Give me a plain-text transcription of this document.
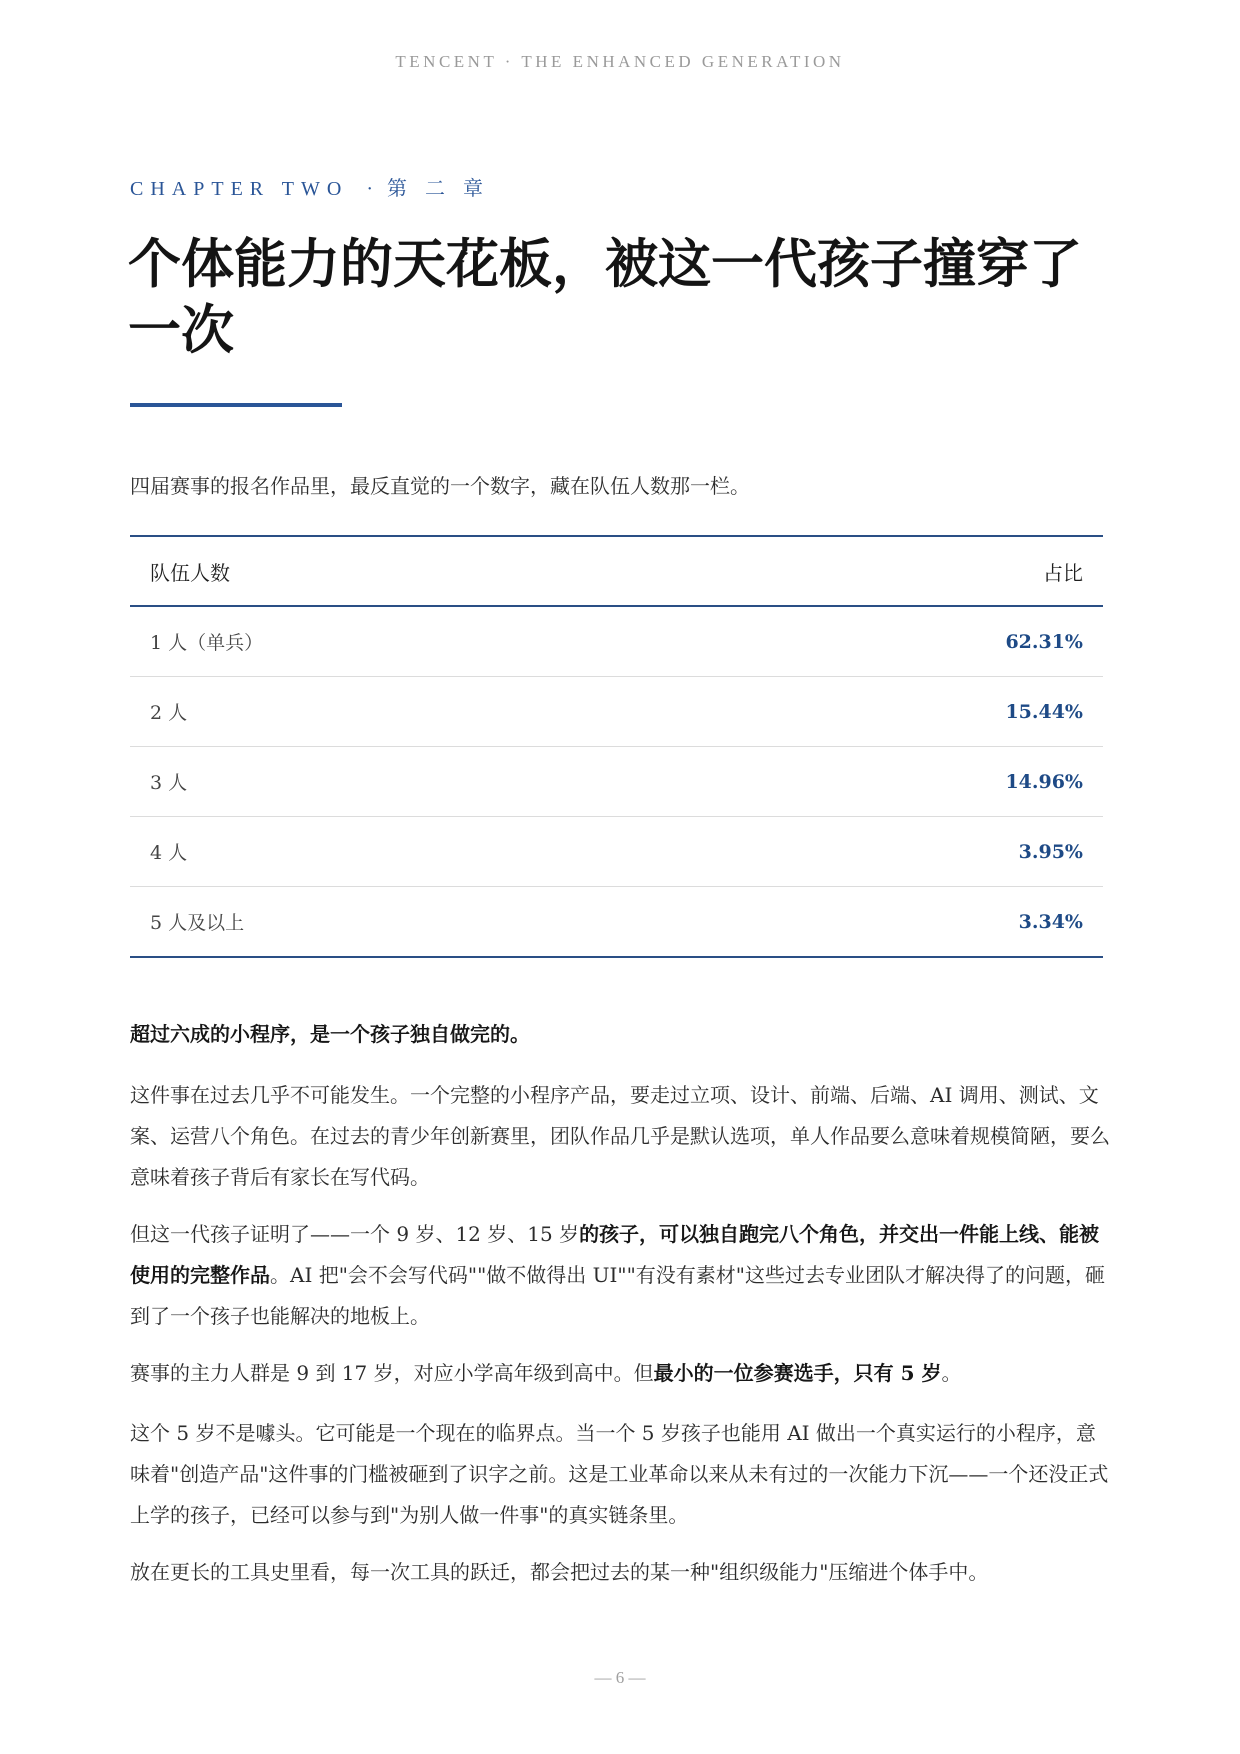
TENCENT · THE ENHANCED GENERATION
CHAPTER TWO · 第二章
个体能力的天花板，被这一代孩子撞穿了一次

四届赛事的报名作品里，最反直觉的一个数字，藏在队伍人数那一栏。

队伍人数	占比
1 人（单兵）	62.31%
2 人	15.44%
3 人	14.96%
4 人	3.95%
5 人及以上	3.34%

超过六成的小程序，是一个孩子独自做完的。

这件事在过去几乎不可能发生。一个完整的小程序产品，要走过立项、设计、前端、后端、AI 调用、测试、文案、运营八个角色。在过去的青少年创新赛里，团队作品几乎是默认选项，单人作品要么意味着规模简陋，要么意味着孩子背后有家长在写代码。

但这一代孩子证明了——一个 9 岁、12 岁、15 岁的孩子，可以独自跑完八个角色，并交出一件能上线、能被使用的完整作品。AI 把"会不会写代码""做不做得出 UI""有没有素材"这些过去专业团队才解决得了的问题，砸到了一个孩子也能解决的地板上。

赛事的主力人群是 9 到 17 岁，对应小学高年级到高中。但最小的一位参赛选手，只有 5 岁。

这个 5 岁不是噱头。它可能是一个现在的临界点。当一个 5 岁孩子也能用 AI 做出一个真实运行的小程序，意味着"创造产品"这件事的门槛被砸到了识字之前。这是工业革命以来从未有过的一次能力下沉——一个还没正式上学的孩子，已经可以参与到"为别人做一件事"的真实链条里。

放在更长的工具史里看，每一次工具的跃迁，都会把过去的某一种"组织级能力"压缩进个体手中。

— 6 —
